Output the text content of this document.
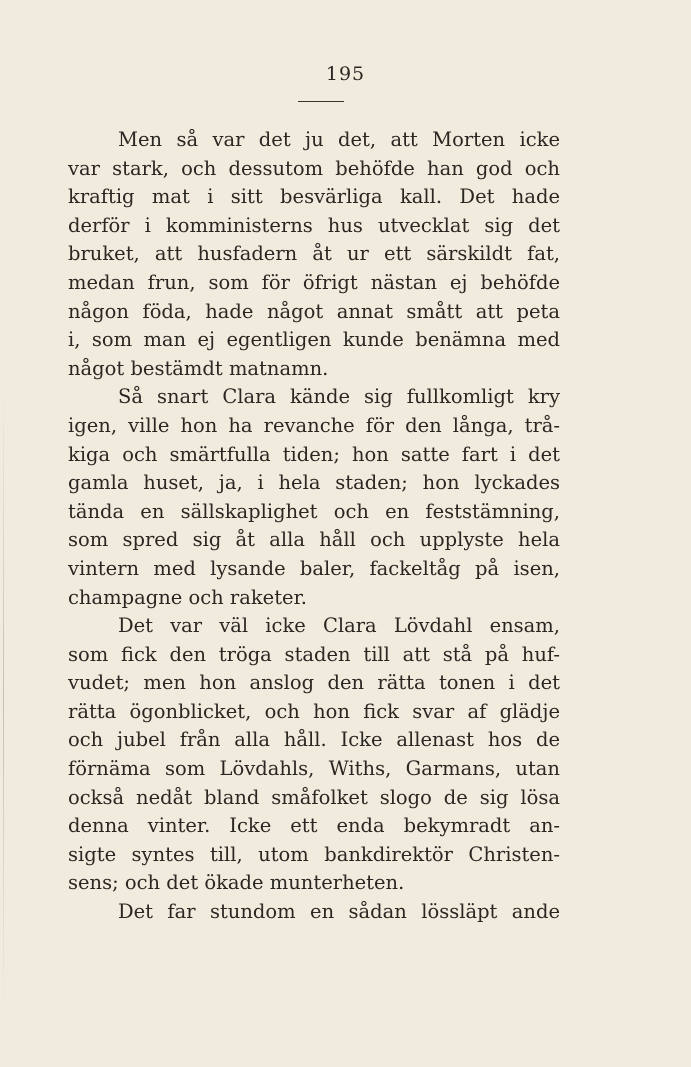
195
Men så var det ju det, att Morten icke
var stark, och dessutom behöfde han god och
kraftig mat i sitt besvärliga kall. Det hade
derför i komministerns hus utvecklat sig det
bruket, att husfadern åt ur ett särskildt fat,
medan frun, som för öfrigt nästan ej behöfde
någon föda, hade något annat smått att peta
i, som man ej egentligen kunde benämna med
något bestämdt matnamn.
Så snart Clara kände sig fullkomligt kry
igen, ville hon ha revanche för den långa, trå-
kiga och smärtfulla tiden; hon satte fart i det
gamla huset, ja, i hela staden; hon lyckades
tända en sällskaplighet och en feststämning,
som spred sig åt alla håll och upplyste hela
vintern med lysande baler, fackeltåg på isen,
champagne och raketer.
Det var väl icke Clara Lövdahl ensam,
som fick den tröga staden till att stå på huf-
vudet; men hon anslog den rätta tonen i det
rätta ögonblicket, och hon fick svar af glädje
och jubel från alla håll. Icke allenast hos de
förnäma som Lövdahls, Withs, Garmans, utan
också nedåt bland småfolket slogo de sig lösa
denna vinter. Icke ett enda bekymradt an-
sigte syntes till, utom bankdirektör Christen-
sens; och det ökade munterheten.
Det far stundom en sådan lössläpt ande
